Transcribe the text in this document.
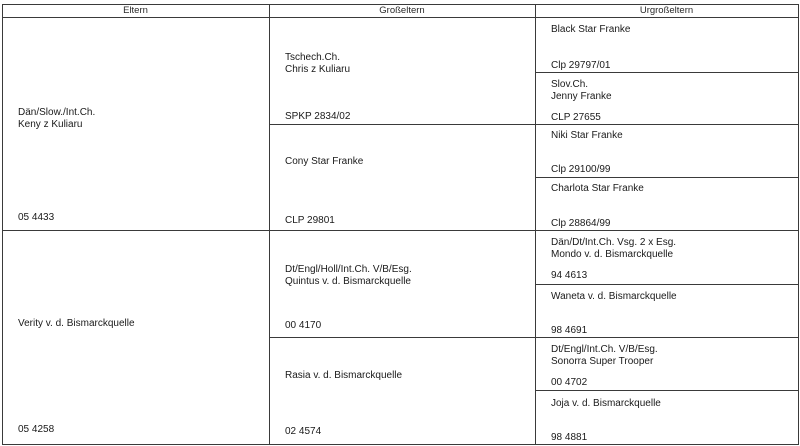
Eltern	Großeltern	Urgroßeltern
Dän/Slow./Int.Ch.
Keny z Kuliaru
05 4433
Verity v. d. Bismarckquelle
05 4258
Tschech.Ch.
Chris z Kuliaru
SPKP 2834/02
Cony Star Franke
CLP 29801
Dt/Engl/Holl/Int.Ch. V/B/Esg.
Quintus v. d. Bismarckquelle
00 4170
Rasia v. d. Bismarckquelle
02 4574
Black Star Franke
Clp 29797/01
Slov.Ch.
Jenny Franke
CLP 27655
Niki Star Franke
Clp 29100/99
Charlota Star Franke
Clp 28864/99
Dän/Dt/Int.Ch. Vsg. 2 x Esg.
Mondo v. d. Bismarckquelle
94 4613
Waneta v. d. Bismarckquelle
98 4691
Dt/Engl/Int.Ch. V/B/Esg.
Sonorra Super Trooper
00 4702
Joja v. d. Bismarckquelle
98 4881
